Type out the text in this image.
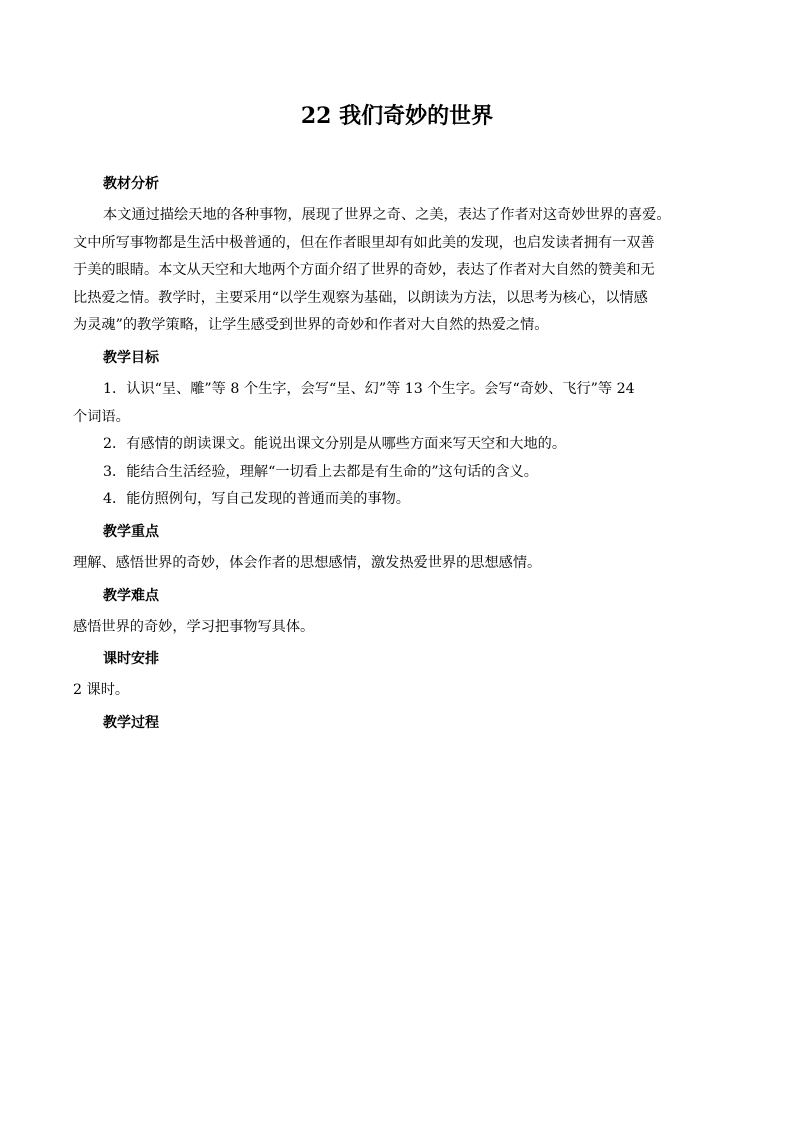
22 我们奇妙的世界
教材分析

本文通过描绘天地的各种事物，展现了世界之奇、之美，表达了作者对这奇妙世界的喜爱。

文中所写事物都是生活中极普通的，但在作者眼里却有如此美的发现，也启发读者拥有一双善

于美的眼睛。本文从天空和大地两个方面介绍了世界的奇妙，表达了作者对大自然的赞美和无

比热爱之情。教学时，主要采用“以学生观察为基础，以朗读为方法，以思考为核心，以情感

为灵魂”的教学策略，让学生感受到世界的奇妙和作者对大自然的热爱之情。

教学目标

1．认识“呈、雕”等 8 个生字，会写“呈、幻”等 13 个生字。会写“奇妙、飞行”等 24

个词语。

2．有感情的朗读课文。能说出课文分别是从哪些方面来写天空和大地的。

3．能结合生活经验，理解“一切看上去都是有生命的”这句话的含义。

4．能仿照例句，写自己发现的普通而美的事物。

教学重点

理解、感悟世界的奇妙，体会作者的思想感情，激发热爱世界的思想感情。

教学难点

感悟世界的奇妙，学习把事物写具体。

课时安排

2 课时。

教学过程
